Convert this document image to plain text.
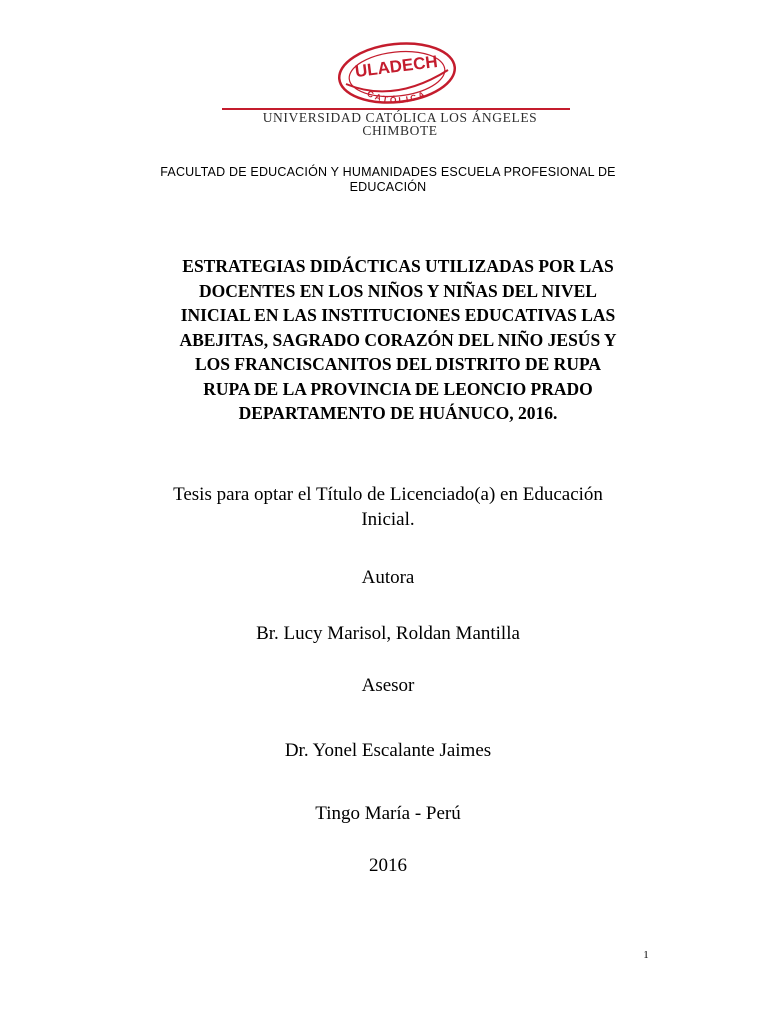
ULADECH
CATÓLICA
UNIVERSIDAD CATÓLICA LOS ÁNGELES
CHIMBOTE
FACULTAD DE EDUCACIÓN Y HUMANIDADES ESCUELA PROFESIONAL DE
EDUCACIÓN
ESTRATEGIAS DIDÁCTICAS UTILIZADAS POR LAS
DOCENTES EN LOS NIÑOS Y NIÑAS DEL NIVEL
INICIAL EN LAS INSTITUCIONES EDUCATIVAS LAS
ABEJITAS, SAGRADO CORAZÓN DEL NIÑO JESÚS Y
LOS FRANCISCANITOS DEL DISTRITO DE RUPA
RUPA DE LA PROVINCIA DE LEONCIO PRADO
DEPARTAMENTO DE HUÁNUCO, 2016.
Tesis para optar el Título de Licenciado(a) en Educación
Inicial.
Autora
Br. Lucy Marisol, Roldan Mantilla
Asesor
Dr. Yonel Escalante Jaimes
Tingo María - Perú
2016
1
